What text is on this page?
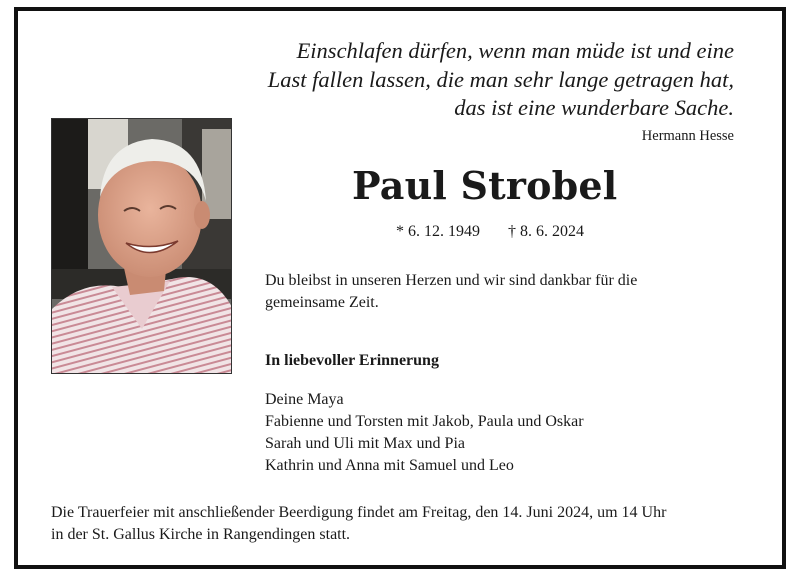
Einschlafen dürfen, wenn man müde ist und eine
Last fallen lassen, die man sehr lange getragen hat,
das ist eine wunderbare Sache.
Hermann Hesse
Paul Strobel
* 6. 12. 1949 † 8. 6. 2024
Du bleibst in unseren Herzen und wir sind dankbar für die
gemeinsame Zeit.
In liebevoller Erinnerung
Deine Maya
Fabienne und Torsten mit Jakob, Paula und Oskar
Sarah und Uli mit Max und Pia
Kathrin und Anna mit Samuel und Leo
Die Trauerfeier mit anschließender Beerdigung findet am Freitag, den 14. Juni 2024, um 14 Uhr
in der St. Gallus Kirche in Rangendingen statt.
